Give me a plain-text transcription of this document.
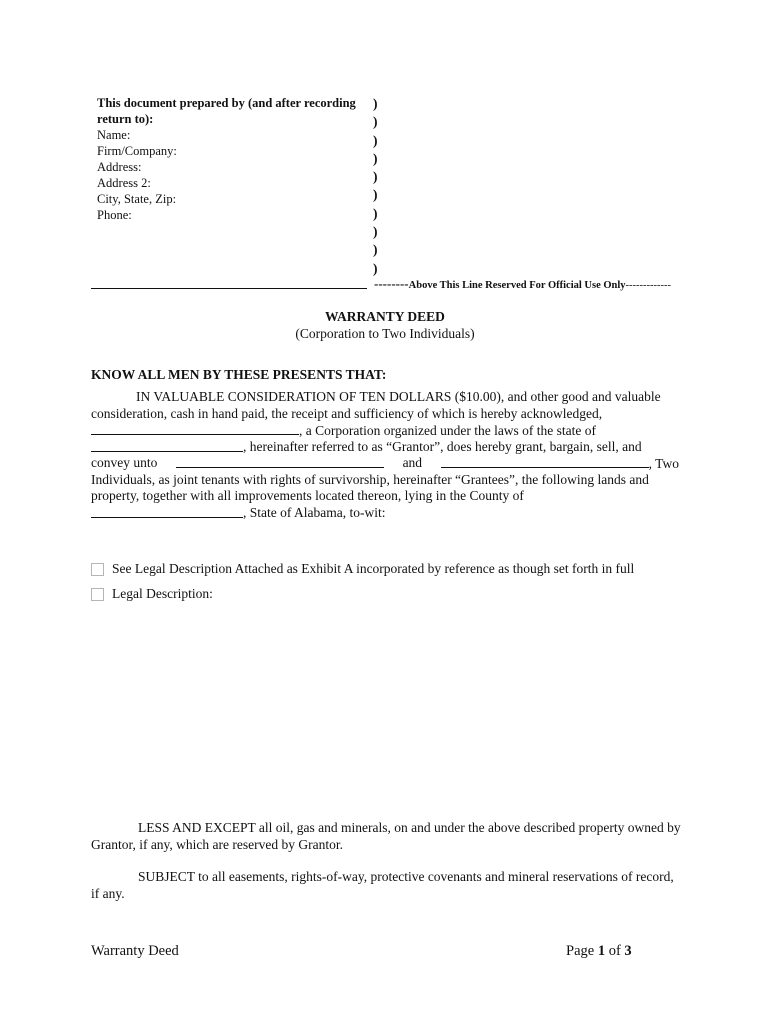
This document prepared by (and after recording
return to):
Name:
Firm/Company:
Address:
Address 2:
City, State, Zip:
Phone:
)
)
)
)
)
)
)
)
)
)
--------Above This Line Reserved For Official Use Only-------------
WARRANTY DEED
(Corporation to Two Individuals)
KNOW ALL MEN BY THESE PRESENTS THAT:
IN VALUABLE CONSIDERATION OF TEN DOLLARS ($10.00), and other good and valuable
consideration, cash in hand paid, the receipt and sufficiency of which is hereby acknowledged,
, a Corporation organized under the laws of the state of
, hereinafter referred to as “Grantor”, does hereby grant, bargain, sell, and
convey unto	and	, Two
Individuals, as joint tenants with rights of survivorship, hereinafter “Grantees”, the following lands and
property, together with all improvements located thereon, lying in the County of
, State of Alabama, to-wit:
See Legal Description Attached as Exhibit A incorporated by reference as though set forth in full
Legal Description:
LESS AND EXCEPT all oil, gas and minerals, on and under the above described property owned by Grantor, if any, which are reserved by Grantor.
SUBJECT to all easements, rights-of-way, protective covenants and mineral reservations of record, if any.
Warranty Deed	Page 1 of 3
